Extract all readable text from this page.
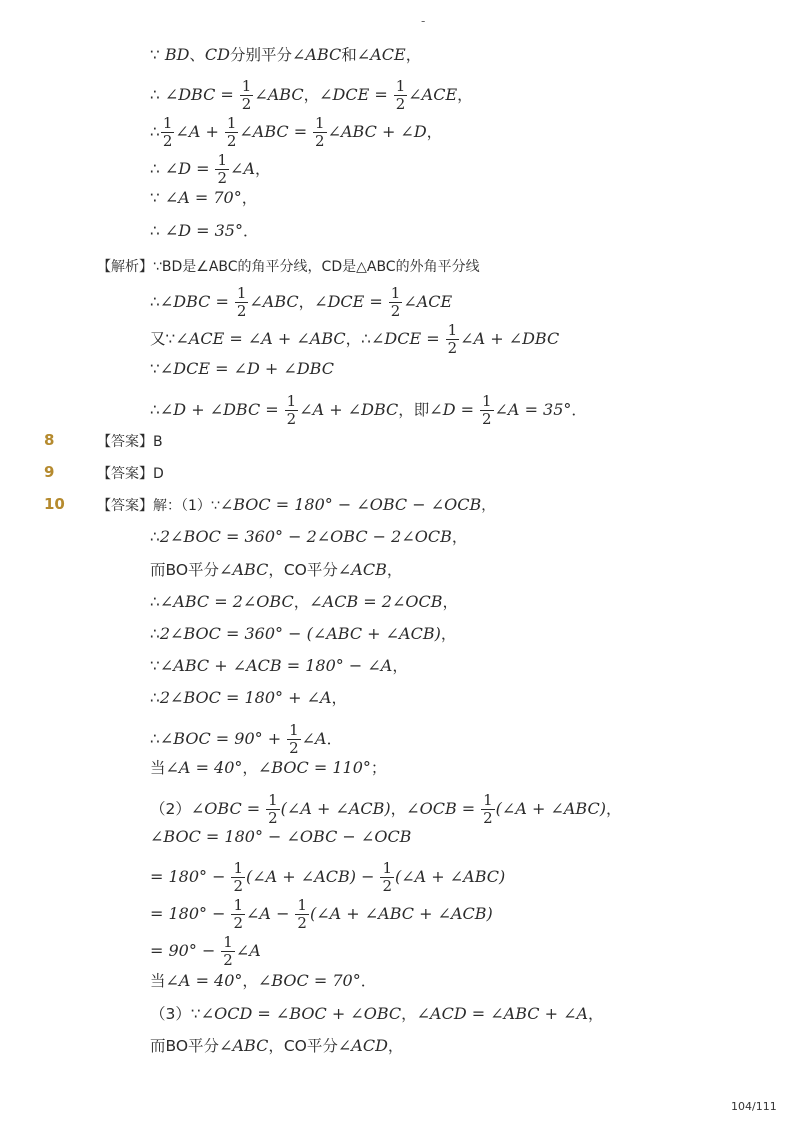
-
∵ BD、CD分别平分∠ABC和∠ACE，
∴ ∠DBC = $\frac{1}{2}$ ∠ABC，∠DCE = $\frac{1}{2}$ ∠ACE，
∴ $\frac{1}{2}$ ∠A + $\frac{1}{2}$ ∠ABC = $\frac{1}{2}$ ∠ABC + ∠D，
∴ ∠D = $\frac{1}{2}$ ∠A，
∵ ∠A = 70°，
∴ ∠D = 35°．
【解析】∵BD是∠ABC的角平分线，CD是△ABC的外角平分线
∴∠DBC = $\frac{1}{2}$ ∠ABC，∠DCE = $\frac{1}{2}$ ∠ACE
又∵∠ACE = ∠A + ∠ABC，∴∠DCE = $\frac{1}{2}$ ∠A + ∠DBC
∵∠DCE = ∠D + ∠DBC
∴∠D + ∠DBC = $\frac{1}{2}$ ∠A + ∠DBC，即∠D = $\frac{1}{2}$ ∠A = 35°．
8	【答案】B
9	【答案】D
10 【答案】解：（1）∵∠BOC = 180° − ∠OBC − ∠OCB，
∴2∠BOC = 360° − 2∠OBC − 2∠OCB，
而BO平分∠ABC，CO平分∠ACB，
∴∠ABC = 2∠OBC，∠ACB = 2∠OCB，
∴2∠BOC = 360° − (∠ABC + ∠ACB)，
∵∠ABC + ∠ACB = 180° − ∠A，
∴2∠BOC = 180° + ∠A，
∴∠BOC = $90^\circ + \frac{1}{2}$ ∠A．
当∠A = 40°，∠BOC = 110°；
（2）∠OBC = $\frac{1}{2}$ (∠A + ∠ACB)，∠OCB = $\frac{1}{2}$ (∠A + ∠ABC)，
∠BOC = 180° − ∠OBC − ∠OCB
= $180^\circ - \frac{1}{2}$ (∠A + ∠ACB) − $\frac{1}{2}$ (∠A + ∠ABC)
= $180^\circ - \frac{1}{2}$ ∠A − $\frac{1}{2}$ (∠A + ∠ABC + ∠ACB)
= $90^\circ - \frac{1}{2}$ ∠A
当∠A = 40°，∠BOC = 70°．
（3）∵∠OCD = ∠BOC + ∠OBC，∠ACD = ∠ABC + ∠A，
而BO平分∠ABC，CO平分∠ACD，
104/111
